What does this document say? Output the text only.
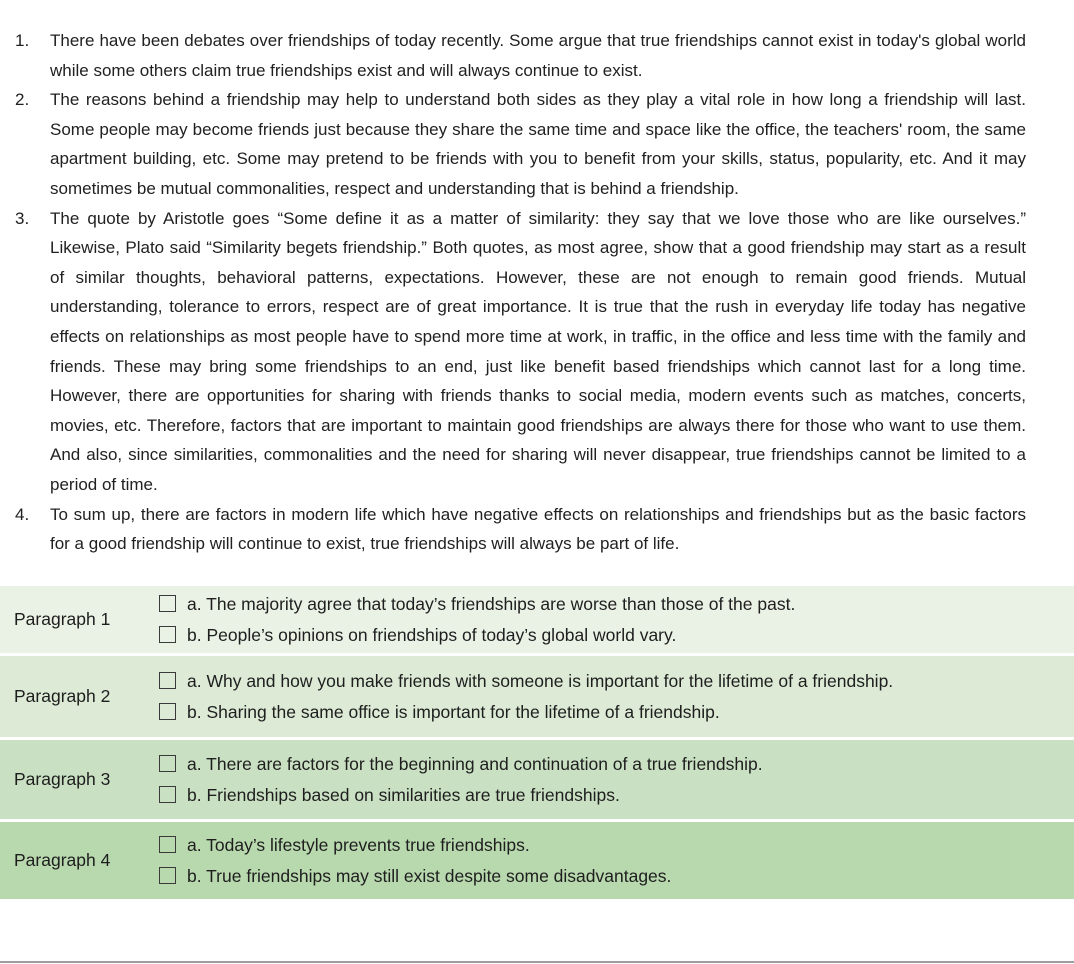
1.	There have been debates over friendships of today recently. Some argue that true friendships cannot exist in today's global world while some others claim true friendships exist and will always continue to exist.
2.	The reasons behind a friendship may help to understand both sides as they play a vital role in how long a friendship will last. Some people may become friends just because they share the same time and space like the office, the teachers' room, the same apartment building, etc. Some may pretend to be friends with you to benefit from your skills, status, popularity, etc. And it may sometimes be mutual commonalities, respect and understanding that is behind a friendship.
3.	The quote by Aristotle goes “Some define it as a matter of similarity: they say that we love those who are like ourselves.” Likewise, Plato said “Similarity begets friendship.” Both quotes, as most agree, show that a good friendship may start as a result of similar thoughts, behavioral patterns, expectations. However, these are not enough to remain good friends. Mutual understanding, tolerance to errors, respect are of great importance. It is true that the rush in everyday life today has negative effects on relationships as most people have to spend more time at work, in traffic, in the office and less time with the family and friends. These may bring some friendships to an end, just like benefit based friendships which cannot last for a long time. However, there are opportunities for sharing with friends thanks to social media, modern events such as matches, concerts, movies, etc. Therefore, factors that are important to maintain good friendships are always there for those who want to use them. And also, since similarities, commonalities and the need for sharing will never disappear, true friendships cannot be limited to a period of time.
4.	To sum up, there are factors in modern life which have negative effects on relationships and friendships but as the basic factors for a good friendship will continue to exist, true friendships will always be part of life.
Paragraph 1
a. The majority agree that today’s friendships are worse than those of the past.
b. People’s opinions on friendships of today’s global world vary.
Paragraph 2
a. Why and how you make friends with someone is important for the lifetime of a friendship.
b. Sharing the same office is important for the lifetime of a friendship.
Paragraph 3
a. There are factors for the beginning and continuation of a true friendship.
b. Friendships based on similarities are true friendships.
Paragraph 4
a. Today’s lifestyle prevents true friendships.
b. True friendships may still exist despite some disadvantages.
